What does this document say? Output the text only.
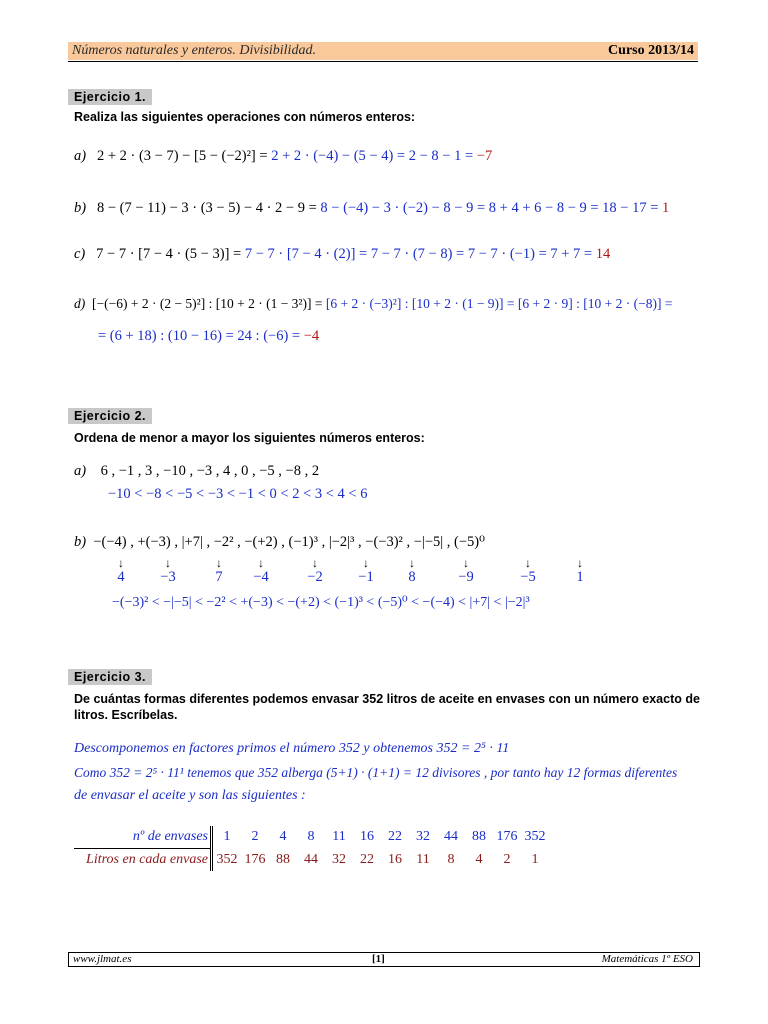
Números naturales y enteros. Divisibilidad.	Curso 2013/14
Ejercicio 1.
Realiza las siguientes operaciones con números enteros:
a) 2 + 2 · (3 − 7) − [5 − (−2)²] = 2 + 2 · (−4) − (5 − 4) = 2 − 8 − 1 = −7
b) 8 − (7 − 11) − 3 · (3 − 5) − 4 · 2 − 9 = 8 − (−4) − 3 · (−2) − 8 − 9 = 8 + 4 + 6 − 8 − 9 = 18 − 17 = 1
c) 7 − 7 · [7 − 4 · (5 − 3)] = 7 − 7 · [7 − 4 · (2)] = 7 − 7 · (7 − 8) = 7 − 7 · (−1) = 7 + 7 = 14
d) [−(−6) + 2 · (2 − 5)²] : [10 + 2 · (1 − 3²)] = [6 + 2 · (−3)²] : [10 + 2 · (1 − 9)] = [6 + 2 · 9] : [10 + 2 · (−8)] =
= (6 + 18) : (10 − 16) = 24 : (−6) = −4
Ejercicio 2.
Ordena de menor a mayor los siguientes números enteros:
a) 6 , −1 , 3 , −10 , −3 , 4 , 0 , −5 , −8 , 2
−10 < −8 < −5 < −3 < −1 < 0 < 2 < 3 < 4 < 6
b) −(−4) , +(−3) , |+7| , −2² , −(+2) , (−1)³ , |−2|³ , −(−3)² , −|−5| , (−5)⁰
↓
4
↓
−3
↓
7
↓
−4
↓
−2
↓
−1
↓
8
↓
−9
↓
−5
↓
1
−(−3)² < −|−5| < −2² < +(−3) < −(+2) < (−1)³ < (−5)⁰ < −(−4) < |+7| < |−2|³
Ejercicio 3.
De cuántas formas diferentes podemos envasar 352 litros de aceite en envases con un número exacto de
litros. Escríbelas.
Descomponemos en factores primos el número 352 y obtenemos 352 = 2⁵ · 11
Como 352 = 2⁵ · 11¹ tenemos que 352 alberga (5+1) · (1+1) = 12 divisores , por tanto hay 12 formas diferentes
de envasar el aceite y son las siguientes :
nº de envases	1	2	4	8	11	16	22	32	44	88	176	352
Litros en cada envase	352	176	88	44	32	22	16	11	8	4	2	1
www.jlmat.es	[1]	Matemáticas 1º ESO
